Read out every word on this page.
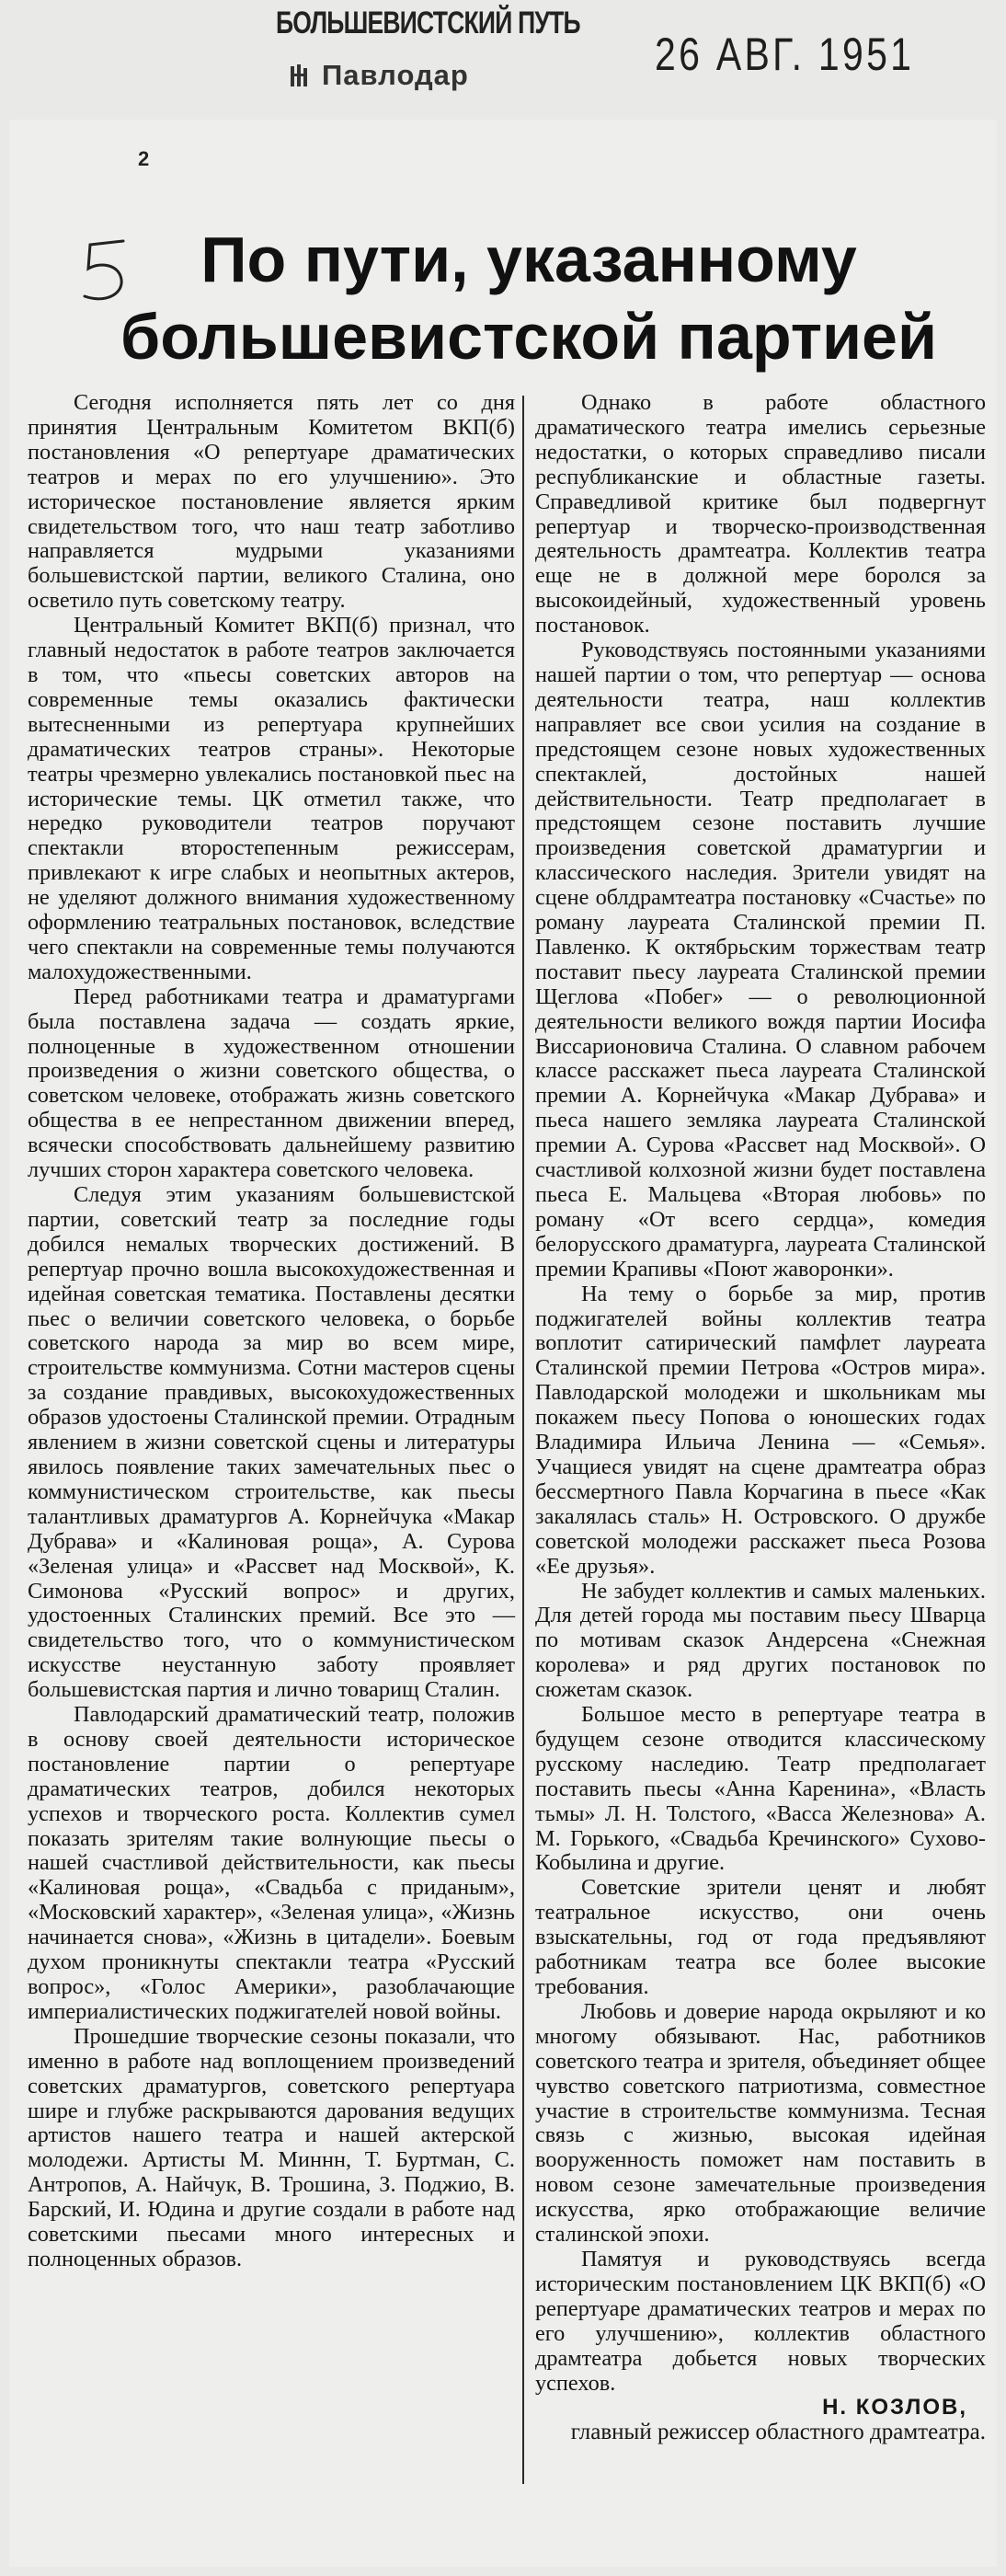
БОЛЬШЕВИСТСКИЙ ПУТЬ
Павлодар	26 АВГ. 1951
2
По пути, указанному
большевистской партией

Сегодня исполняется пять лет со дня принятия Центральным Комитетом ВКП(б) постановления «О репертуаре драматических театров и мерах по его улучшению». Это историческое постановление является ярким свидетельством того, что наш театр заботливо направляется мудрыми указаниями большевистской партии, великого Сталина, оно осветило путь советскому театру.

Центральный Комитет ВКП(б) признал, что главный недостаток в работе театров заключается в том, что «пьесы советских авторов на современные темы оказались фактически вытесненными из репертуара крупнейших драматических театров страны». Некоторые театры чрезмерно увлекались постановкой пьес на исторические темы. ЦК отметил также, что нередко руководители театров поручают спектакли второстепенным режиссерам, привлекают к игре слабых и неопытных актеров, не уделяют должного внимания художественному оформлению театральных постановок, вследствие чего спектакли на современные темы получаются малохудожественными.

Перед работниками театра и драматургами была поставлена задача — создать яркие, полноценные в художественном отношении произведения о жизни советского общества, о советском человеке, отображать жизнь советского общества в ее непрестанном движении вперед, всячески способствовать дальнейшему развитию лучших сторон характера советского человека.

Следуя этим указаниям большевистской партии, советский театр за последние годы добился немалых творческих достижений. В репертуар прочно вошла высокохудожественная и идейная советская тематика. Поставлены десятки пьес о величии советского человека, о борьбе советского народа за мир во всем мире, строительстве коммунизма. Сотни мастеров сцены за создание правдивых, высокохудожественных образов удостоены Сталинской премии. Отрадным явлением в жизни советской сцены и литературы явилось появление таких замечательных пьес о коммунистическом строительстве, как пьесы талантливых драматургов А. Корнейчука «Макар Дубрава» и «Калиновая роща», А. Сурова «Зеленая улица» и «Рассвет над Москвой», К. Симонова «Русский вопрос» и других, удостоенных Сталинских премий. Все это — свидетельство того, что о коммунистическом искусстве неустанную заботу проявляет большевистская партия и лично товарищ Сталин.

Павлодарский драматический театр, положив в основу своей деятельности историческое постановление партии о репертуаре драматических театров, добился некоторых успехов и творческого роста. Коллектив сумел показать зрителям такие волнующие пьесы о нашей счастливой действительности, как пьесы «Калиновая роща», «Свадьба с приданым», «Московский характер», «Зеленая улица», «Жизнь начинается снова», «Жизнь в цитадели». Боевым духом проникнуты спектакли театра «Русский вопрос», «Голос Америки», разоблачающие империалистических поджигателей новой войны.

Прошедшие творческие сезоны показали, что именно в работе над воплощением произведений советских драматургов, советского репертуара шире и глубже раскрываются дарования ведущих артистов нашего театра и нашей актерской молодежи. Артисты М. Миннн, Т. Буртман, С. Антропов, А. Найчук, В. Трошина, З. Поджио, В. Барский, И. Юдина и другие создали в работе над советскими пьесами много интересных и полноценных образов.

Однако в работе областного драматического театра имелись серьезные недостатки, о которых справедливо писали республиканские и областные газеты. Справедливой критике был подвергнут репертуар и творческо-производственная деятельность драмтеатра. Коллектив театра еще не в должной мере боролся за высокоидейный, художественный уровень постановок.

Руководствуясь постоянными указаниями нашей партии о том, что репертуар — основа деятельности театра, наш коллектив направляет все свои усилия на создание в предстоящем сезоне новых художественных спектаклей, достойных нашей действительности. Театр предполагает в предстоящем сезоне поставить лучшие произведения советской драматургии и классического наследия. Зрители увидят на сцене облдрамтеатра постановку «Счастье» по роману лауреата Сталинской премии П. Павленко. К октябрьским торжествам театр поставит пьесу лауреата Сталинской премии Щеглова «Побег» — о революционной деятельности великого вождя партии Иосифа Виссарионовича Сталина. О славном рабочем классе расскажет пьеса лауреата Сталинской премии А. Корнейчука «Макар Дубрава» и пьеса нашего земляка лауреата Сталинской премии А. Сурова «Рассвет над Москвой». О счастливой колхозной жизни будет поставлена пьеса Е. Мальцева «Вторая любовь» по роману «От всего сердца», комедия белорусского драматурга, лауреата Сталинской премии Крапивы «Поют жаворонки».

На тему о борьбе за мир, против поджигателей войны коллектив театра воплотит сатирический памфлет лауреата Сталинской премии Петрова «Остров мира». Павлодарской молодежи и школьникам мы покажем пьесу Попова о юношеских годах Владимира Ильича Ленина — «Семья». Учащиеся увидят на сцене драмтеатра образ бессмертного Павла Корчагина в пьесе «Как закалялась сталь» Н. Островского. О дружбе советской молодежи расскажет пьеса Розова «Ее друзья».

Не забудет коллектив и самых маленьких. Для детей города мы поставим пьесу Шварца по мотивам сказок Андерсена «Снежная королева» и ряд других постановок по сюжетам сказок.

Большое место в репертуаре театра в будущем сезоне отводится классическому русскому наследию. Театр предполагает поставить пьесы «Анна Каренина», «Власть тьмы» Л. Н. Толстого, «Васса Железнова» А. М. Горького, «Свадьба Кречинского» Сухово-Кобылина и другие.

Советские зрители ценят и любят театральное искусство, они очень взыскательны, год от года предъявляют работникам театра все более высокие требования.

Любовь и доверие народа окрыляют и ко многому обязывают. Нас, работников советского театра и зрителя, объединяет общее чувство советского патриотизма, совместное участие в строительстве коммунизма. Тесная связь с жизнью, высокая идейная вооруженность поможет нам поставить в новом сезоне замечательные произведения искусства, ярко отображающие величие сталинской эпохи.

Памятуя и руководствуясь всегда историческим постановлением ЦК ВКП(б) «О репертуаре драматических театров и мерах по его улучшению», коллектив областного драмтеатра добьется новых творческих успехов.

Н. КОЗЛОВ,

главный режиссер областного драмтеатра.
